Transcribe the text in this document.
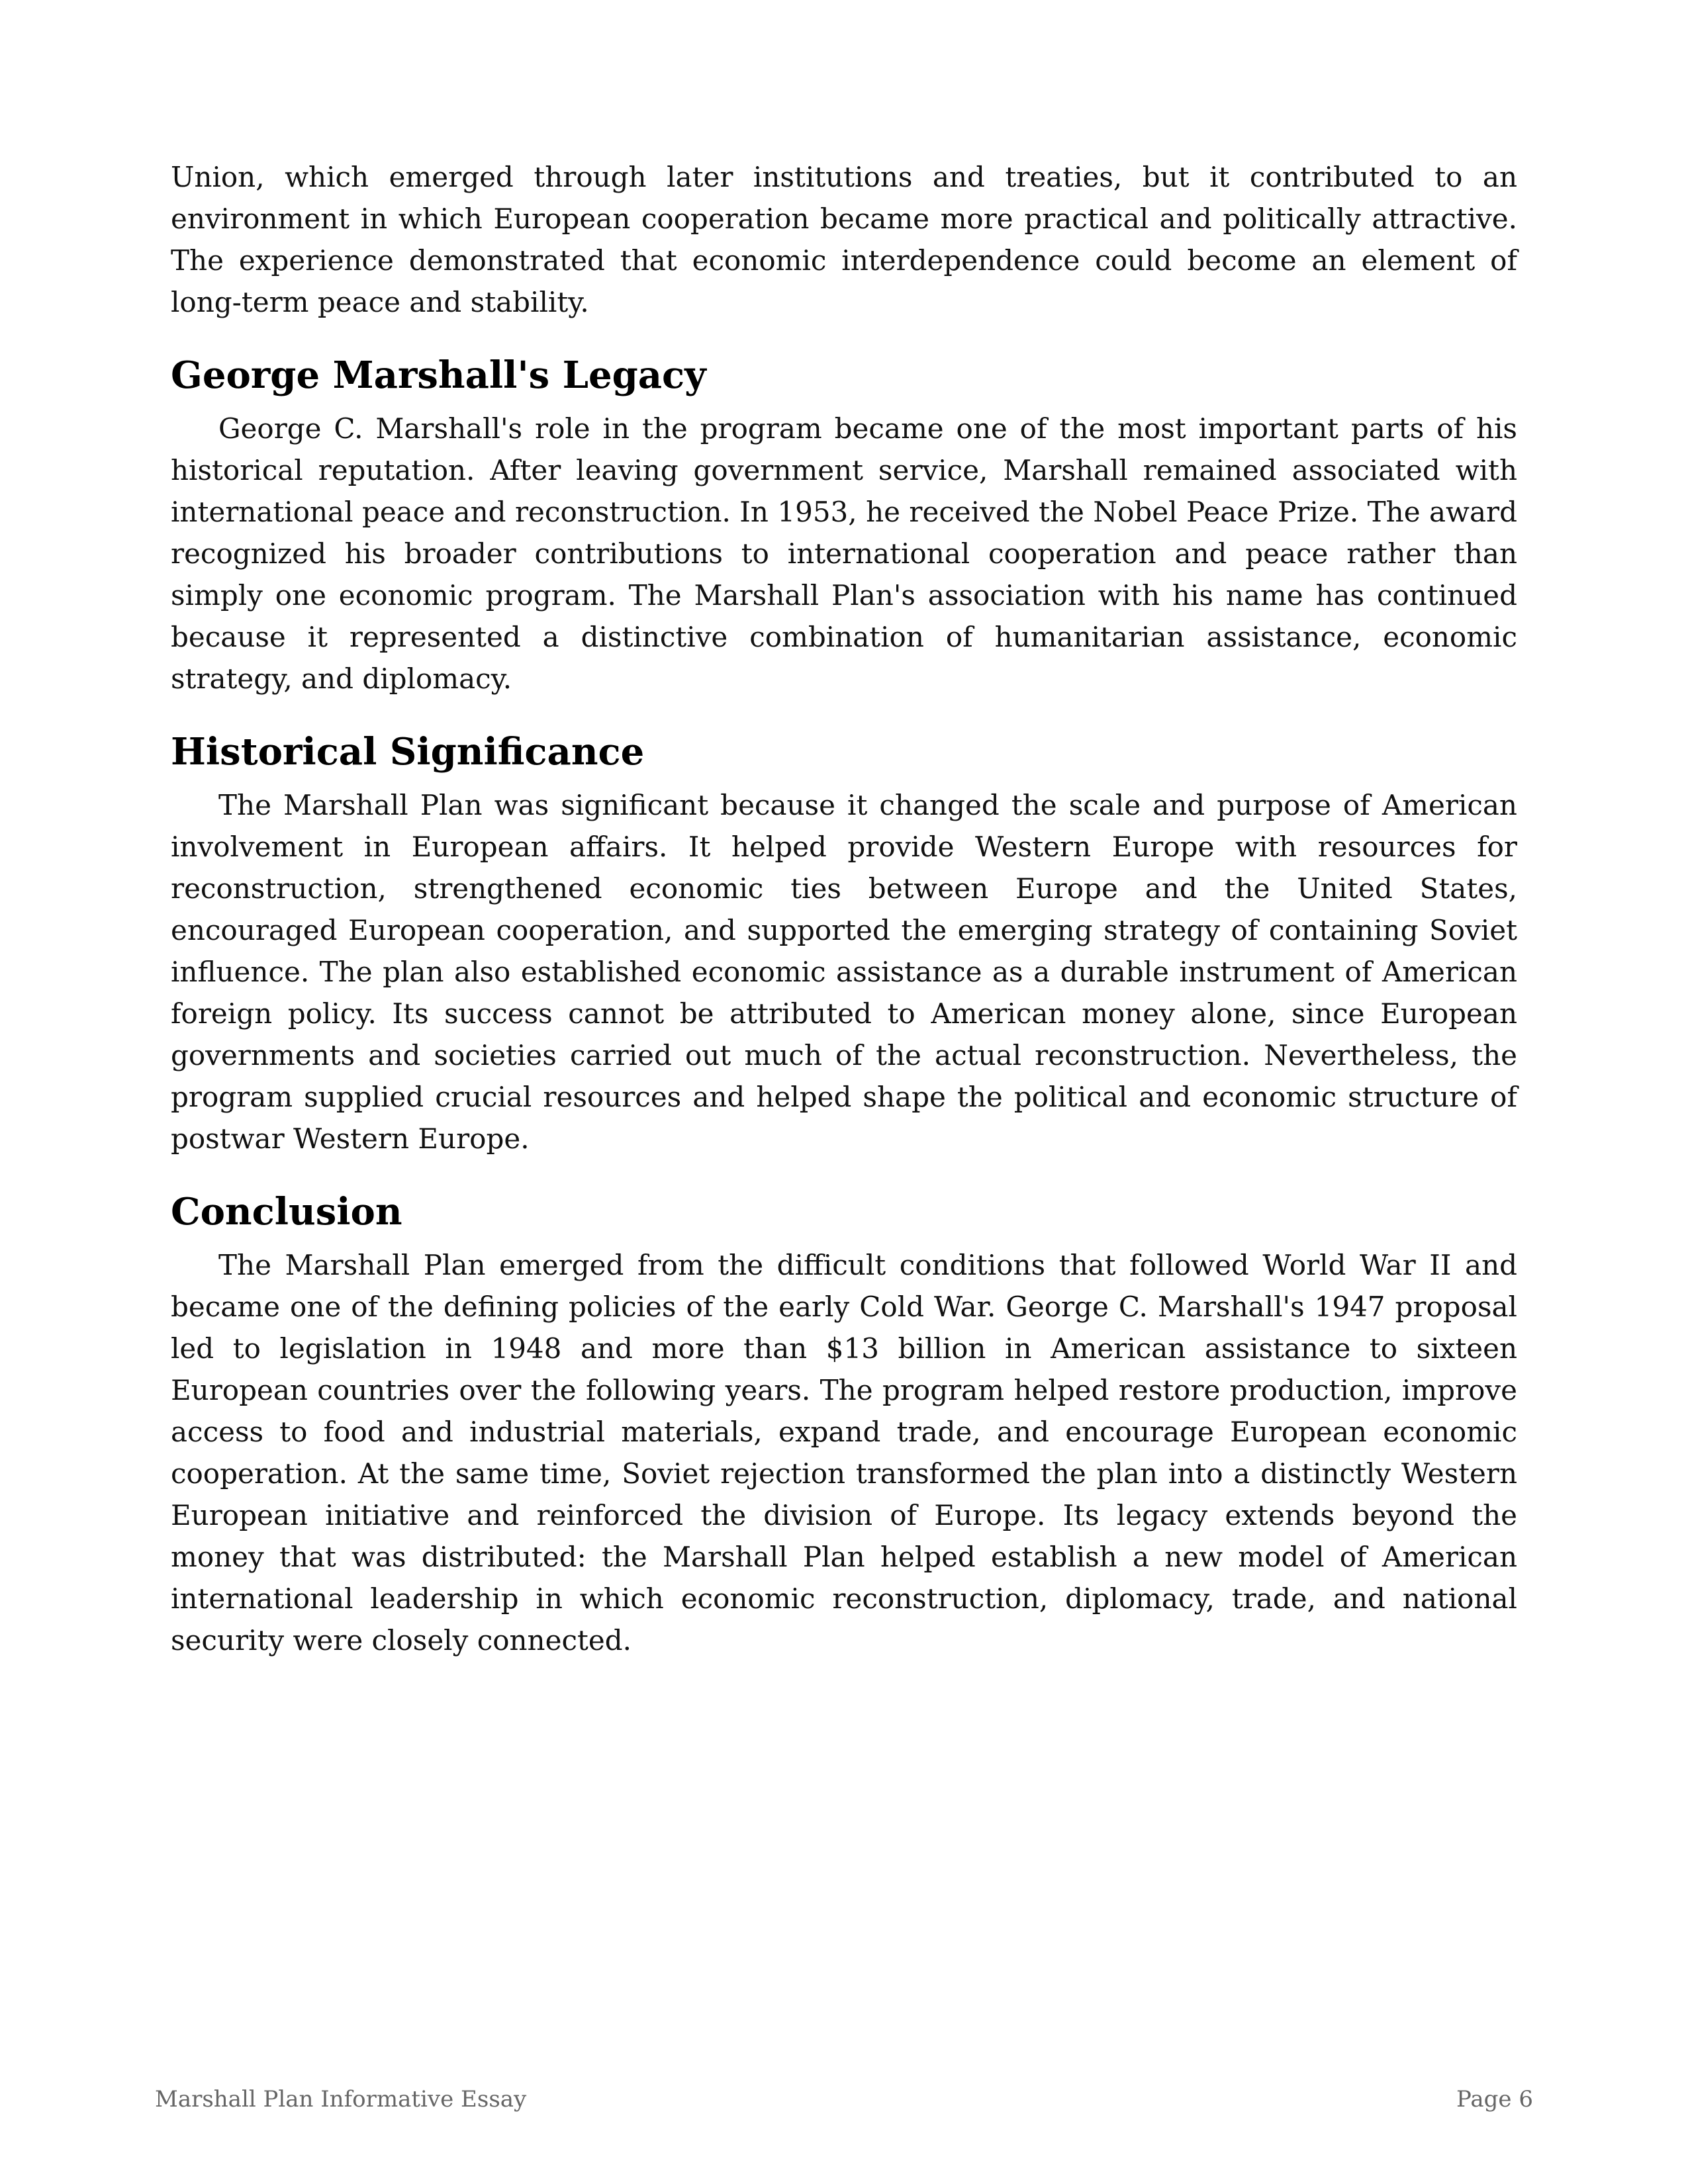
Union, which emerged through later institutions and treaties, but it contributed to an environment in which European cooperation became more practical and politically attractive. The experience demonstrated that economic interdependence could become an element of long-term peace and stability.

George Marshall's Legacy

George C. Marshall's role in the program became one of the most important parts of his historical reputation. After leaving government service, Marshall remained associated with international peace and reconstruction. In 1953, he received the Nobel Peace Prize. The award recognized his broader contributions to international cooperation and peace rather than simply one economic program. The Marshall Plan's association with his name has continued because it represented a distinctive combination of humanitarian assistance, economic strategy, and diplomacy.

Historical Significance

The Marshall Plan was significant because it changed the scale and purpose of American involvement in European affairs. It helped provide Western Europe with resources for reconstruction, strengthened economic ties between Europe and the United States, encouraged European cooperation, and supported the emerging strategy of containing Soviet influence. The plan also established economic assistance as a durable instrument of American foreign policy. Its success cannot be attributed to American money alone, since European governments and societies carried out much of the actual reconstruction. Nevertheless, the program supplied crucial resources and helped shape the political and economic structure of postwar Western Europe.

Conclusion

The Marshall Plan emerged from the difficult conditions that followed World War II and became one of the defining policies of the early Cold War. George C. Marshall's 1947 proposal led to legislation in 1948 and more than $13 billion in American assistance to sixteen European countries over the following years. The program helped restore production, improve access to food and industrial materials, expand trade, and encourage European economic cooperation. At the same time, Soviet rejection transformed the plan into a distinctly Western European initiative and reinforced the division of Europe. Its legacy extends beyond the money that was distributed: the Marshall Plan helped establish a new model of American international leadership in which economic reconstruction, diplomacy, trade, and national security were closely connected.

Marshall Plan Informative Essay	Page 6
